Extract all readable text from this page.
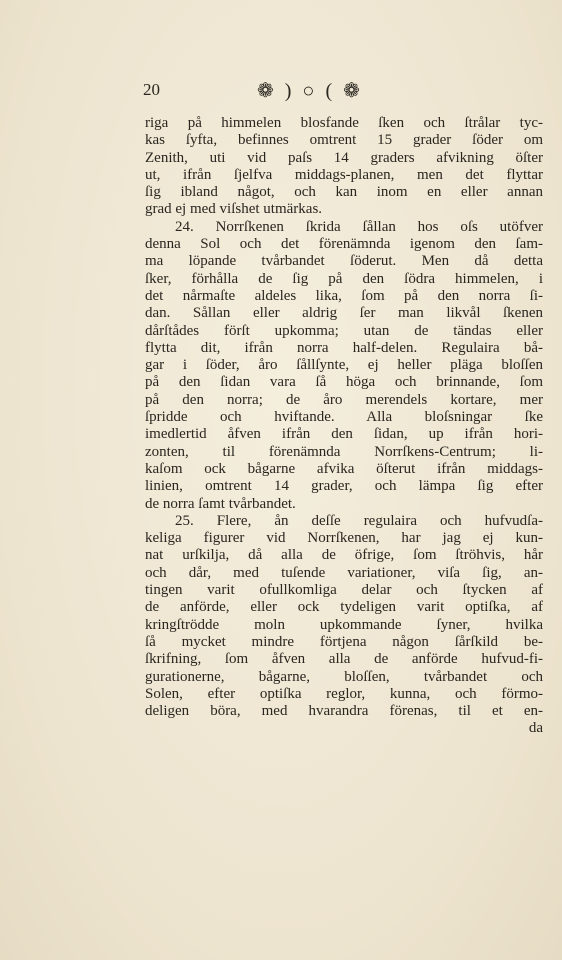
20	❁ ) ○ ( ❁
riga på himmelen blosfande ſken och ſtrålar tyc-
kas ſyfta, befinnes omtrent 15 grader ſöder om
Zenith, uti vid paſs 14 graders afvikning öſter
ut, ifrån ſjelfva middags-planen, men det flyttar
ſig ibland något, och kan inom en eller annan
grad ej med viſshet utmärkas.
24. Norrſkenen ſkrida ſållan hos oſs utöfver
denna Sol och det förenämnda igenom den ſam-
ma löpande tvårbandet ſöderut. Men då detta
ſker, förhålla de ſig på den ſödra himmelen, i
det nårmaſte aldeles lika, ſom på den norra ſi-
dan. Sållan eller aldrig ſer man likvål ſkenen
dårſtådes förſt upkomma; utan de tändas eller
flytta dit, ifrån norra half-delen. Regulaira bå-
gar i ſöder, åro ſållſynte, ej heller pläga bloſſen
på den ſidan vara ſå höga och brinnande, ſom
på den norra; de åro merendels kortare, mer
ſpridde och hviftande. Alla bloſsningar ſke
imedlertid åfven ifrån den ſidan, up ifrån hori-
zonten, til förenämnda Norrſkens-Centrum; li-
kaſom ock bågarne afvika öſterut ifrån middags-
linien, omtrent 14 grader, och lämpa ſig efter
de norra ſamt tvårbandet.
25. Flere, ån deſſe regulaira och hufvudſa-
keliga figurer vid Norrſkenen, har jag ej kun-
nat urſkilja, då alla de öfrige, ſom ſtröhvis, hår
och dår, med tuſende variationer, viſa ſig, an-
tingen varit ofullkomliga delar och ſtycken af
de anförde, eller ock tydeligen varit optiſka, af
kringſtrödde moln upkommande ſyner, hvilka
ſå mycket mindre förtjena någon ſårſkild be-
ſkrifning, ſom åfven alla de anförde hufvud-fi-
gurationerne, bågarne, bloſſen, tvårbandet och
Solen, efter optiſka reglor, kunna, och förmo-
deligen böra, med hvarandra förenas, til et en-
da
